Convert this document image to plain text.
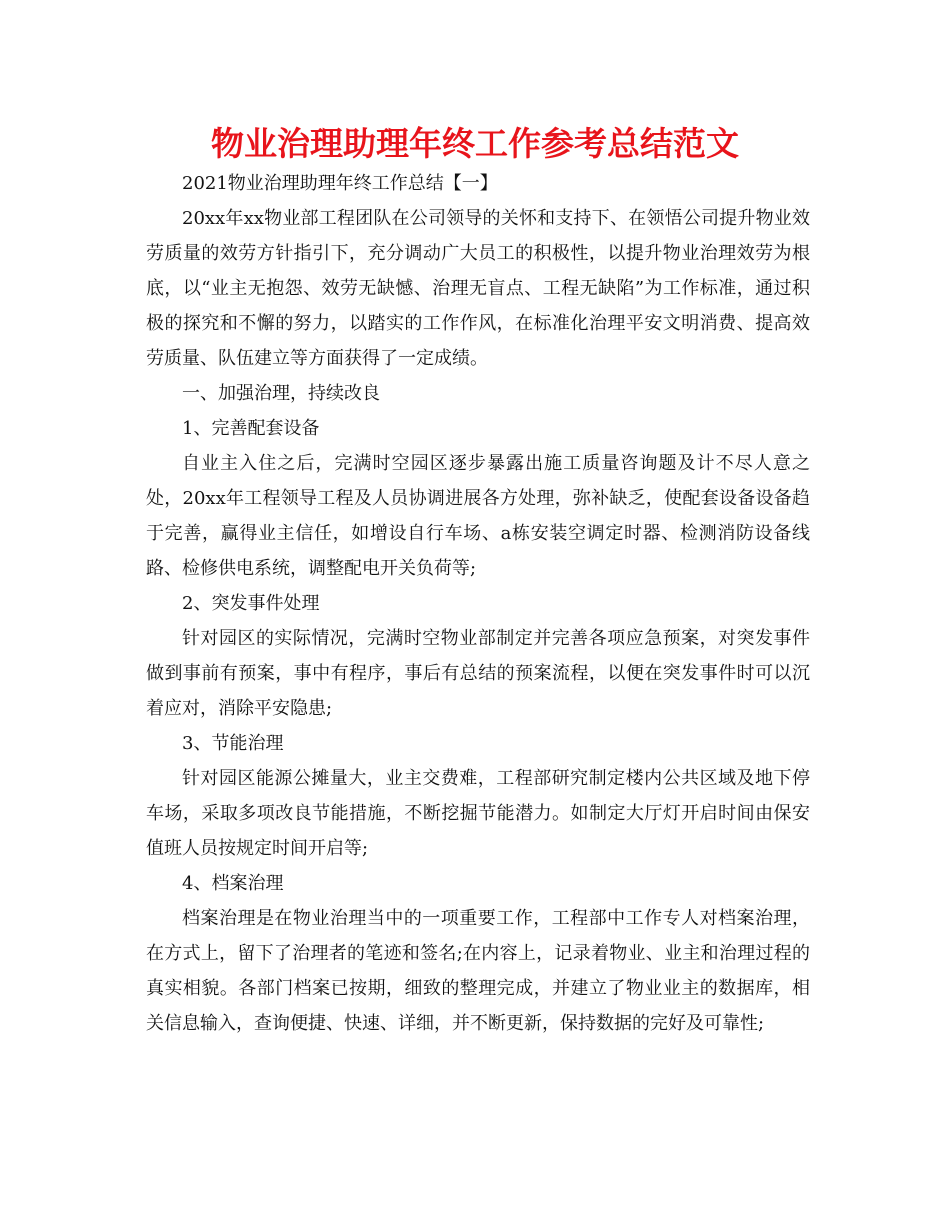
物业治理助理年终工作参考总结范文

2021物业治理助理年终工作总结【一】

20xx年xx物业部工程团队在公司领导的关怀和支持下、在领悟公司提升物业效劳质量的效劳方针指引下，充分调动广大员工的积极性，以提升物业治理效劳为根底，以“业主无抱怨、效劳无缺憾、治理无盲点、工程无缺陷”为工作标准，通过积极的探究和不懈的努力，以踏实的工作作风，在标准化治理平安文明消费、提高效劳质量、队伍建立等方面获得了一定成绩。

一、加强治理，持续改良

1、完善配套设备

自业主入住之后，完满时空园区逐步暴露出施工质量咨询题及计不尽人意之处，20xx年工程领导工程及人员协调进展各方处理，弥补缺乏，使配套设备设备趋于完善，赢得业主信任，如增设自行车场、a栋安装空调定时器、检测消防设备线路、检修供电系统，调整配电开关负荷等;

2、突发事件处理

针对园区的实际情况，完满时空物业部制定并完善各项应急预案，对突发事件做到事前有预案，事中有程序，事后有总结的预案流程，以便在突发事件时可以沉着应对，消除平安隐患;

3、节能治理

针对园区能源公摊量大，业主交费难，工程部研究制定楼内公共区域及地下停车场，采取多项改良节能措施，不断挖掘节能潜力。如制定大厅灯开启时间由保安值班人员按规定时间开启等;

4、档案治理

档案治理是在物业治理当中的一项重要工作，工程部中工作专人对档案治理，在方式上，留下了治理者的笔迹和签名;在内容上，记录着物业、业主和治理过程的真实相貌。各部门档案已按期，细致的整理完成，并建立了物业业主的数据库，相关信息输入，查询便捷、快速、详细，并不断更新，保持数据的完好及可靠性;
